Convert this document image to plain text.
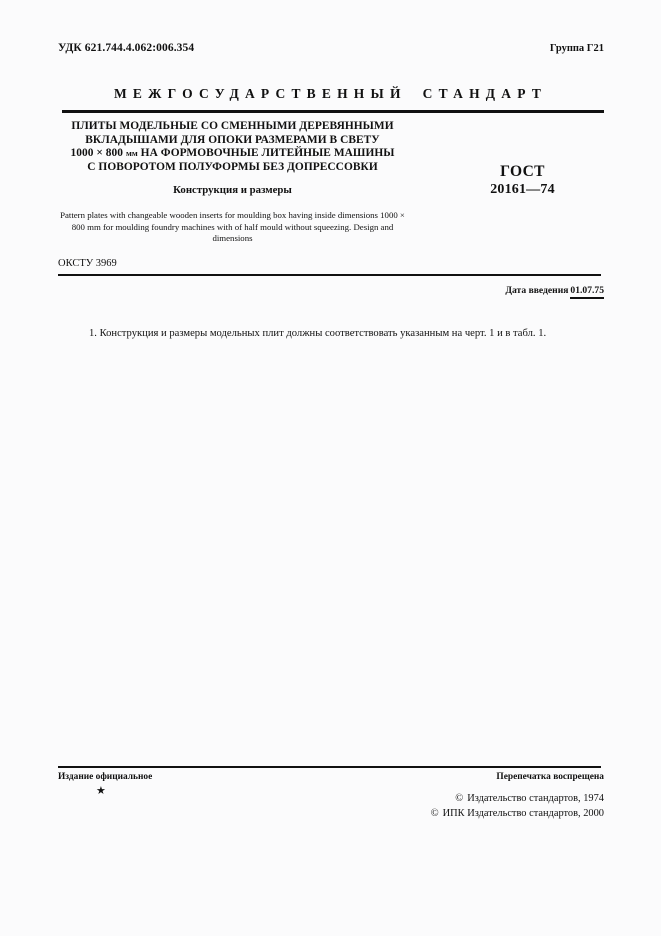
УДК 621.744.4.062:006.354	Группа Г21
МЕЖГОСУДАРСТВЕННЫЙ СТАНДАРТ
ПЛИТЫ МОДЕЛЬНЫЕ СО СМЕННЫМИ ДЕРЕВЯННЫМИ
ВКЛАДЫШАМИ ДЛЯ ОПОКИ РАЗМЕРАМИ В СВЕТУ
1000 × 800 мм НА ФОРМОВОЧНЫЕ ЛИТЕЙНЫЕ МАШИНЫ
С ПОВОРОТОМ ПОЛУФОРМЫ БЕЗ ДОПРЕССОВКИ
Конструкция и размеры
Pattern plates with changeable wooden inserts for moulding box having inside dimensions 1000 × 800 mm for moulding foundry machines with of half mould without squeezing. Design and dimensions
ГОСТ
20161—74
ОКСТУ 3969
Дата введения 01.07.75
1. Конструкция и размеры модельных плит должны соответствовать указанным на черт. 1 и в табл. 1.
Издание официальное
★
Перепечатка воспрещена
© Издательство стандартов, 1974
© ИПК Издательство стандартов, 2000
